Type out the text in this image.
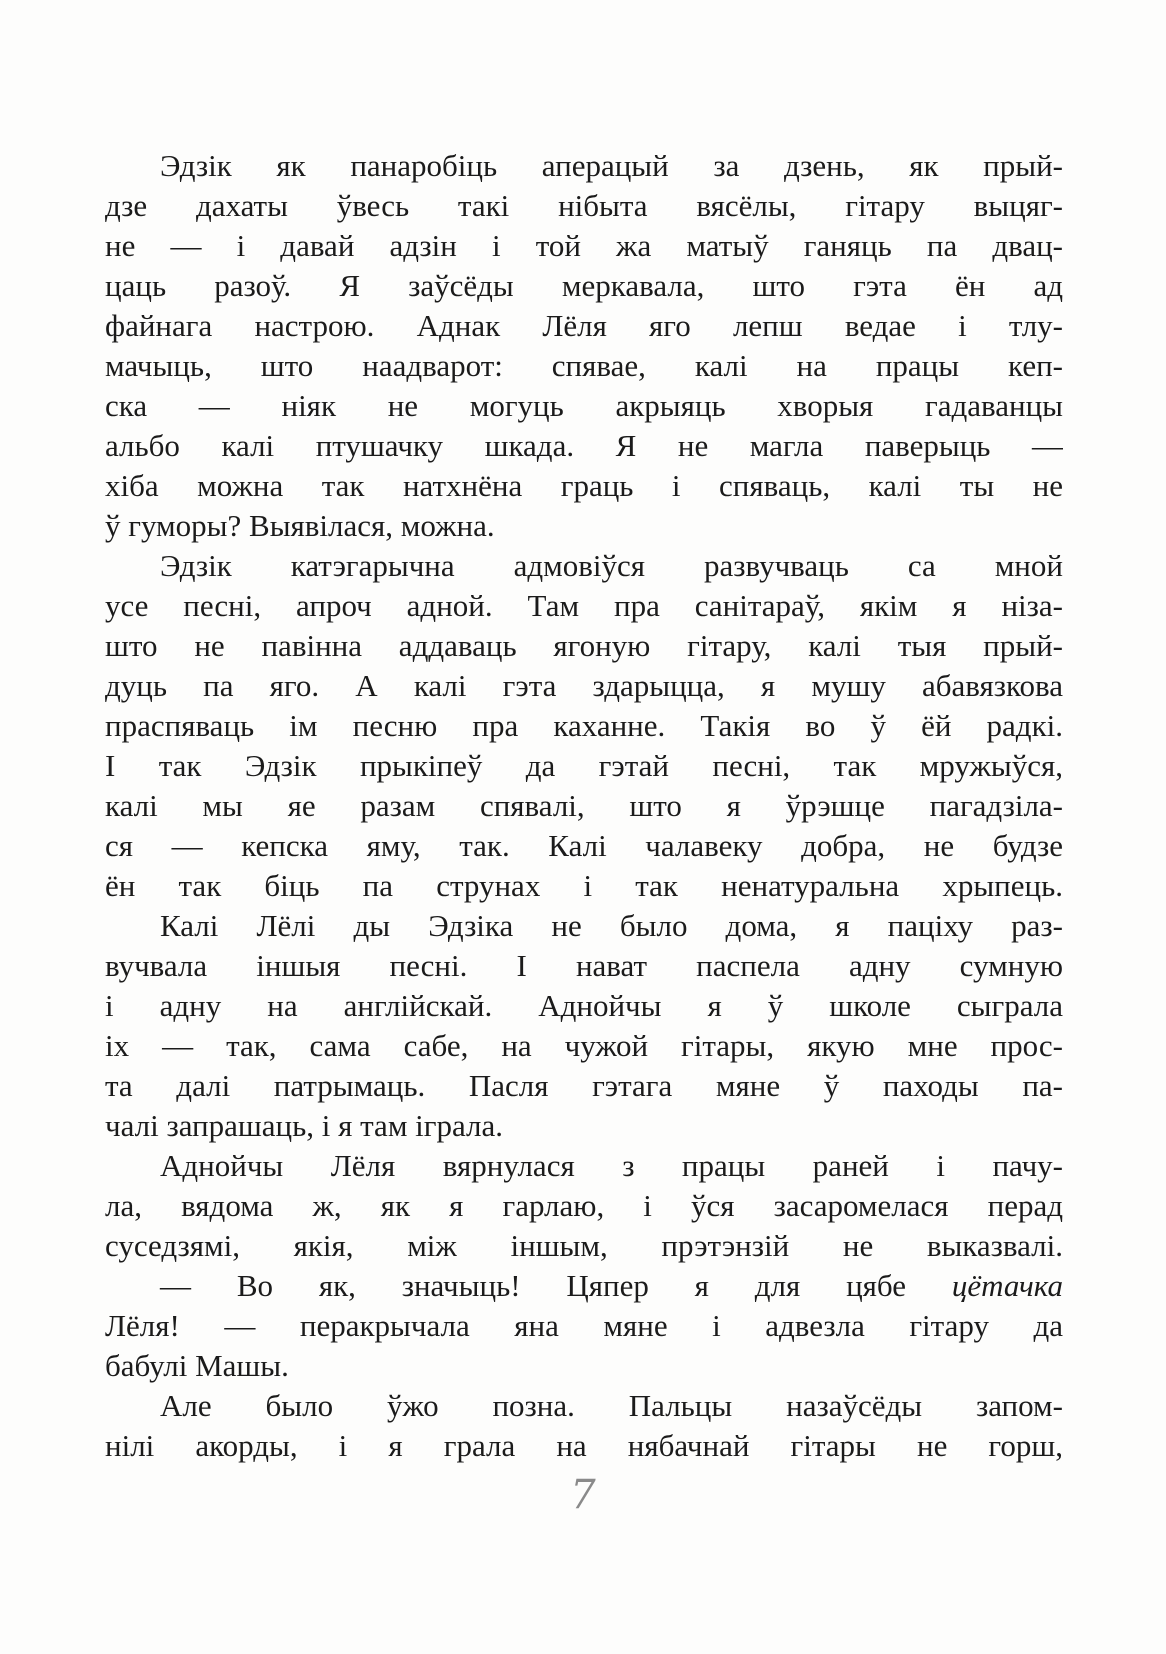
Эдзік як панаробіць аперацый за дзень, як прый-
дзе дахаты ўвесь такі нібыта вясёлы, гітару выцяг-
не — і давай адзін і той жа матыў ганяць па двац-
цаць разоў. Я заўсёды меркавала, што гэта ён ад
файнага настрою. Аднак Лёля яго лепш ведае і тлу-
мачыць, што наадварот: спявае, калі на працы кеп-
ска — ніяк не могуць акрыяць хворыя гадаванцы
альбо калі птушачку шкада. Я не магла паверыць —
хіба можна так натхнёна граць і спяваць, калі ты не
ў гуморы? Выявілася, можна.
Эдзік катэгарычна адмовіўся развучваць са мной
усе песні, апроч адной. Там пра санітараў, якім я ніза-
што не павінна аддаваць ягоную гітару, калі тыя прый-
дуць па яго. А калі гэта здарыцца, я мушу абавязкова
праспяваць ім песню пра каханне. Такія во ў ёй радкі.
І так Эдзік прыкіпеў да гэтай песні, так мружыўся,
калі мы яе разам спявалі, што я ўрэшце пагадзіла-
ся — кепска яму, так. Калі чалавеку добра, не будзе
ён так біць па струнах і так ненатуральна хрыпець.
Калі Лёлі ды Эдзіка не было дома, я паціху раз-
вучвала іншыя песні. І нават паспела адну сумную
і адну на англійскай. Аднойчы я ў школе сыграла
іх — так, сама сабе, на чужой гітары, якую мне прос-
та далі патрымаць. Пасля гэтага мяне ў паходы па-
чалі запрашаць, і я там іграла.
Аднойчы Лёля вярнулася з працы раней і пачу-
ла, вядома ж, як я гарлаю, і ўся засаромелася перад
суседзямі, якія, між іншым, прэтэнзій не выказвалі.
— Во як, значыць! Цяпер я для цябе цётачка
Лёля! — перакрычала яна мяне і адвезла гітару да
бабулі Машы.
Але было ўжо позна. Пальцы назаўсёды запом-
нілі акорды, і я грала на нябачнай гітары не горш,
7
